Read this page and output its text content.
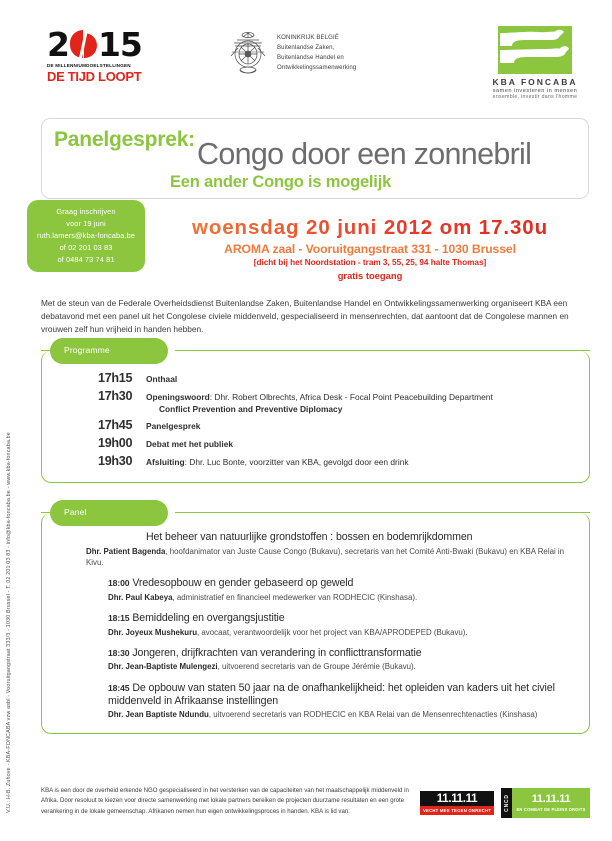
V.U.: H-B. Zuhove - KBA-FONCABA vzw asbl - Vooruitgangstraat 333/3 - 1030 Brussel - T. 02 201 03 83 - info@kba-foncaba.be - www.kba-foncaba.be
2 15
DE MILLENNIUMDOELSTELLINGEN
DE TIJD LOOPT
KONINKRIJK BELGIË
Buitenlandse Zaken,
Buitenlandse Handel en
Ontwikkelingssamenwerking
KBA FONCABA
samen investeren in mensen
ensemble, investir dans l'homme
Panelgesprek: Congo door een zonnebril
Een ander Congo is mogelijk
Graag inschrijven
voor 19 juni
ruth.lamers@kba-foncaba.be
of 02 201 03 83
of 0484 73 74 81
woensdag 20 juni 2012 om 17.30u
AROMA zaal - Vooruitgangstraat 331 - 1030 Brussel
[dicht bij het Noordstation - tram 3, 55, 25, 94 halte Thomas]
gratis toegang
Met de steun van de Federale Overheidsdienst Buitenlandse Zaken, Buitenlandse Handel en Ontwikkelingssamenwerking organiseert KBA een debatavond met een panel uit het Congolese civiele middenveld, gespecialiseerd in mensenrechten, dat aantoont dat de Congolese mannen en vrouwen zelf hun vrijheid in handen hebben.
Programme
17h15	Onthaal
17h30	Openingswoord: Dhr. Robert Olbrechts, Africa Desk - Focal Point Peacebuilding Department
Conflict Prevention and Preventive Diplomacy
17h45	Panelgesprek
19h00	Debat met het publiek
19h30	Afsluiting: Dhr. Luc Bonte, voorzitter van KBA, gevolgd door een drink
Panel
Het beheer van natuurlijke grondstoffen : bossen en bodemrijkdommen
Dhr. Patient Bagenda, hoofdanimator van Juste Cause Congo (Bukavu), secretaris van het Comité Anti-Bwaki (Bukavu) en KBA Relai in Kivu.
18:00 Vredesopbouw en gender gebaseerd op geweld
Dhr. Paul Kabeya, administratief en financieel medewerker van RODHECIC (Kinshasa).
18:15 Bemiddeling en overgangsjustitie
Dhr. Joyeux Mushekuru, avocaat, verantwoordelijk voor het project van KBA/APRODEPED (Bukavu).
18:30 Jongeren, drijfkrachten van verandering in conflicttransformatie
Dhr. Jean-Baptiste Mulengezi, uitvoerend secretaris van de Groupe Jérémie (Bukavu).
18:45 De opbouw van staten 50 jaar na de onafhankelijkheid: het opleiden van kaders uit het civiel middenveld in Afrikaanse instellingen
Dhr. Jean Baptiste Ndundu, uitvoerend secretaris van RODHECIC en KBA Relai van de Mensenrechtenacties (Kinshasa)
KBA is een door de overheid erkende NGO gespecialiseerd in het versterken van de capaciteiten van het maatschappelijk middenveld in Afrika. Door resoluut te kiezen voor directe samenwerking met lokale partners bereiken de projecten duurzame resultaten en een grote verankering in de lokale gemeenschap. Afrikanen nemen hun eigen ontwikkelingsproces in handen. KBA is lid van:
11.11.11
VECHT MEE TEGEN ONRECHT	CNCD	11.11.11
EN COMBAT DE PLEINS DROITS
